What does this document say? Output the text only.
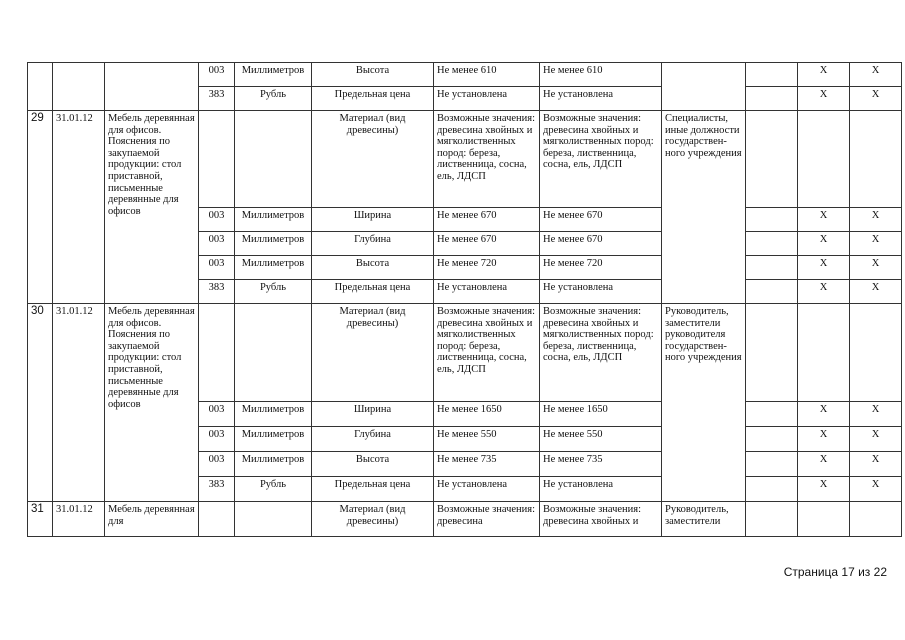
			003	Миллиметров	Высота	Не менее 610	Не менее 610			X	X
			383	Рубль	Предельная цена	Не установлена	Не установлена			X	X
29	31.01.12	Мебель деревянная для офисов. Пояснения по закупаемой продукции: стол приставной, письменные деревянные для офисов			Материал (вид древесины)	Возможные значения: древесина хвойных и мягколиственных пород: береза, лиственница, сосна, ель, ЛДСП	Возможные значения: древесина хвойных и мягколиственных пород: береза, лиственница, сосна, ель, ЛДСП	Специалисты, иные должности государствен-ного учреждения			
			003	Миллиметров	Ширина	Не менее 670	Не менее 670			X	X
			003	Миллиметров	Глубина	Не менее 670	Не менее 670			X	X
			003	Миллиметров	Высота	Не менее 720	Не менее 720			X	X
			383	Рубль	Предельная цена	Не установлена	Не установлена			X	X
30	31.01.12	Мебель деревянная для офисов. Пояснения по закупаемой продукции: стол приставной, письменные деревянные для офисов			Материал (вид древесины)	Возможные значения: древесина хвойных и мягколиственных пород: береза, лиственница, сосна, ель, ЛДСП	Возможные значения: древесина хвойных и мягколиственных пород: береза, лиственница, сосна, ель, ЛДСП	Руководитель, заместители руководителя государствен-ного учреждения			
			003	Миллиметров	Ширина	Не менее 1650	Не менее 1650			X	X
			003	Миллиметров	Глубина	Не менее 550	Не менее 550			X	X
			003	Миллиметров	Высота	Не менее 735	Не менее 735			X	X
			383	Рубль	Предельная цена	Не установлена	Не установлена			X	X
31	31.01.12	Мебель деревянная для			Материал (вид древесины)	Возможные значения: древесина	Возможные значения: древесина хвойных и	Руководитель, заместители			
Страница 17 из 22
